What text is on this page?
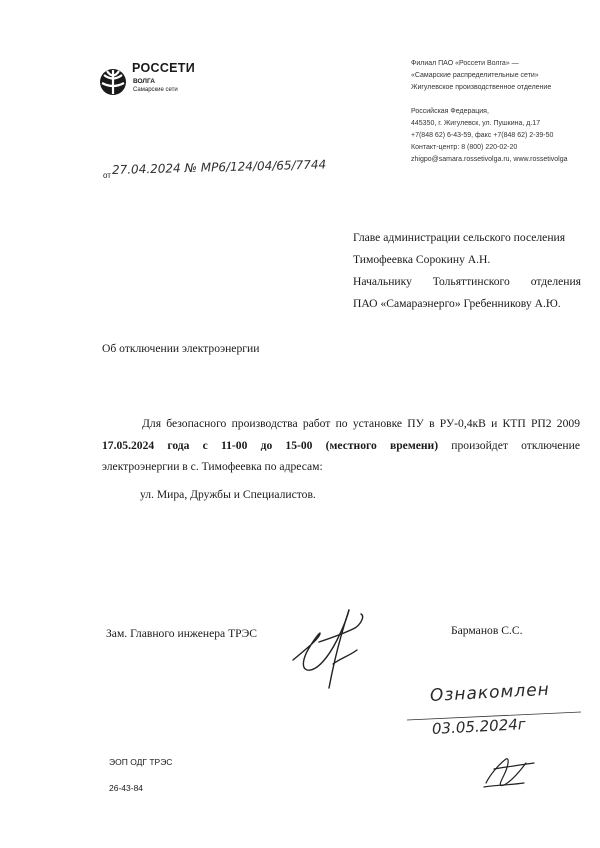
РОССЕТИ
ВОЛГА
Самарские сети
Филиал ПАО «Россети Волга» —
«Самарские распределительные сети»
Жигулевское производственное отделение
Российская Федерация,
445350, г. Жигулевск, ул. Пушкина, д.17
+7(848 62) 6-43-59, факс +7(848 62) 2-39-50
Контакт-центр: 8 (800) 220-02-20
zhigpo@samara.rossetivolga.ru, www.rossetivolga
от 27.04.2024 № МР6/124/04/65/7744
Главе администрации сельского поселения
Тимофеевка Сорокину А.Н.
Начальнику Тольяттинского отделения
ПАО «Самараэнерго» Гребенникову А.Ю.
Об отключении электроэнергии
Для безопасного производства работ по установке ПУ в РУ-0,4кВ и КТП РП2 2009
17.05.2024 года с 11-00 до 15-00 (местного времени) произойдет отключение
электроэнергии в с. Тимофеевка по адресам:
ул. Мира, Дружбы и Специалистов.
Зам. Главного инженера ТРЭС	Барманов С.С.
Ознакомлен
03.05.2024г
ЭОП ОДГ ТРЭС
26-43-84
